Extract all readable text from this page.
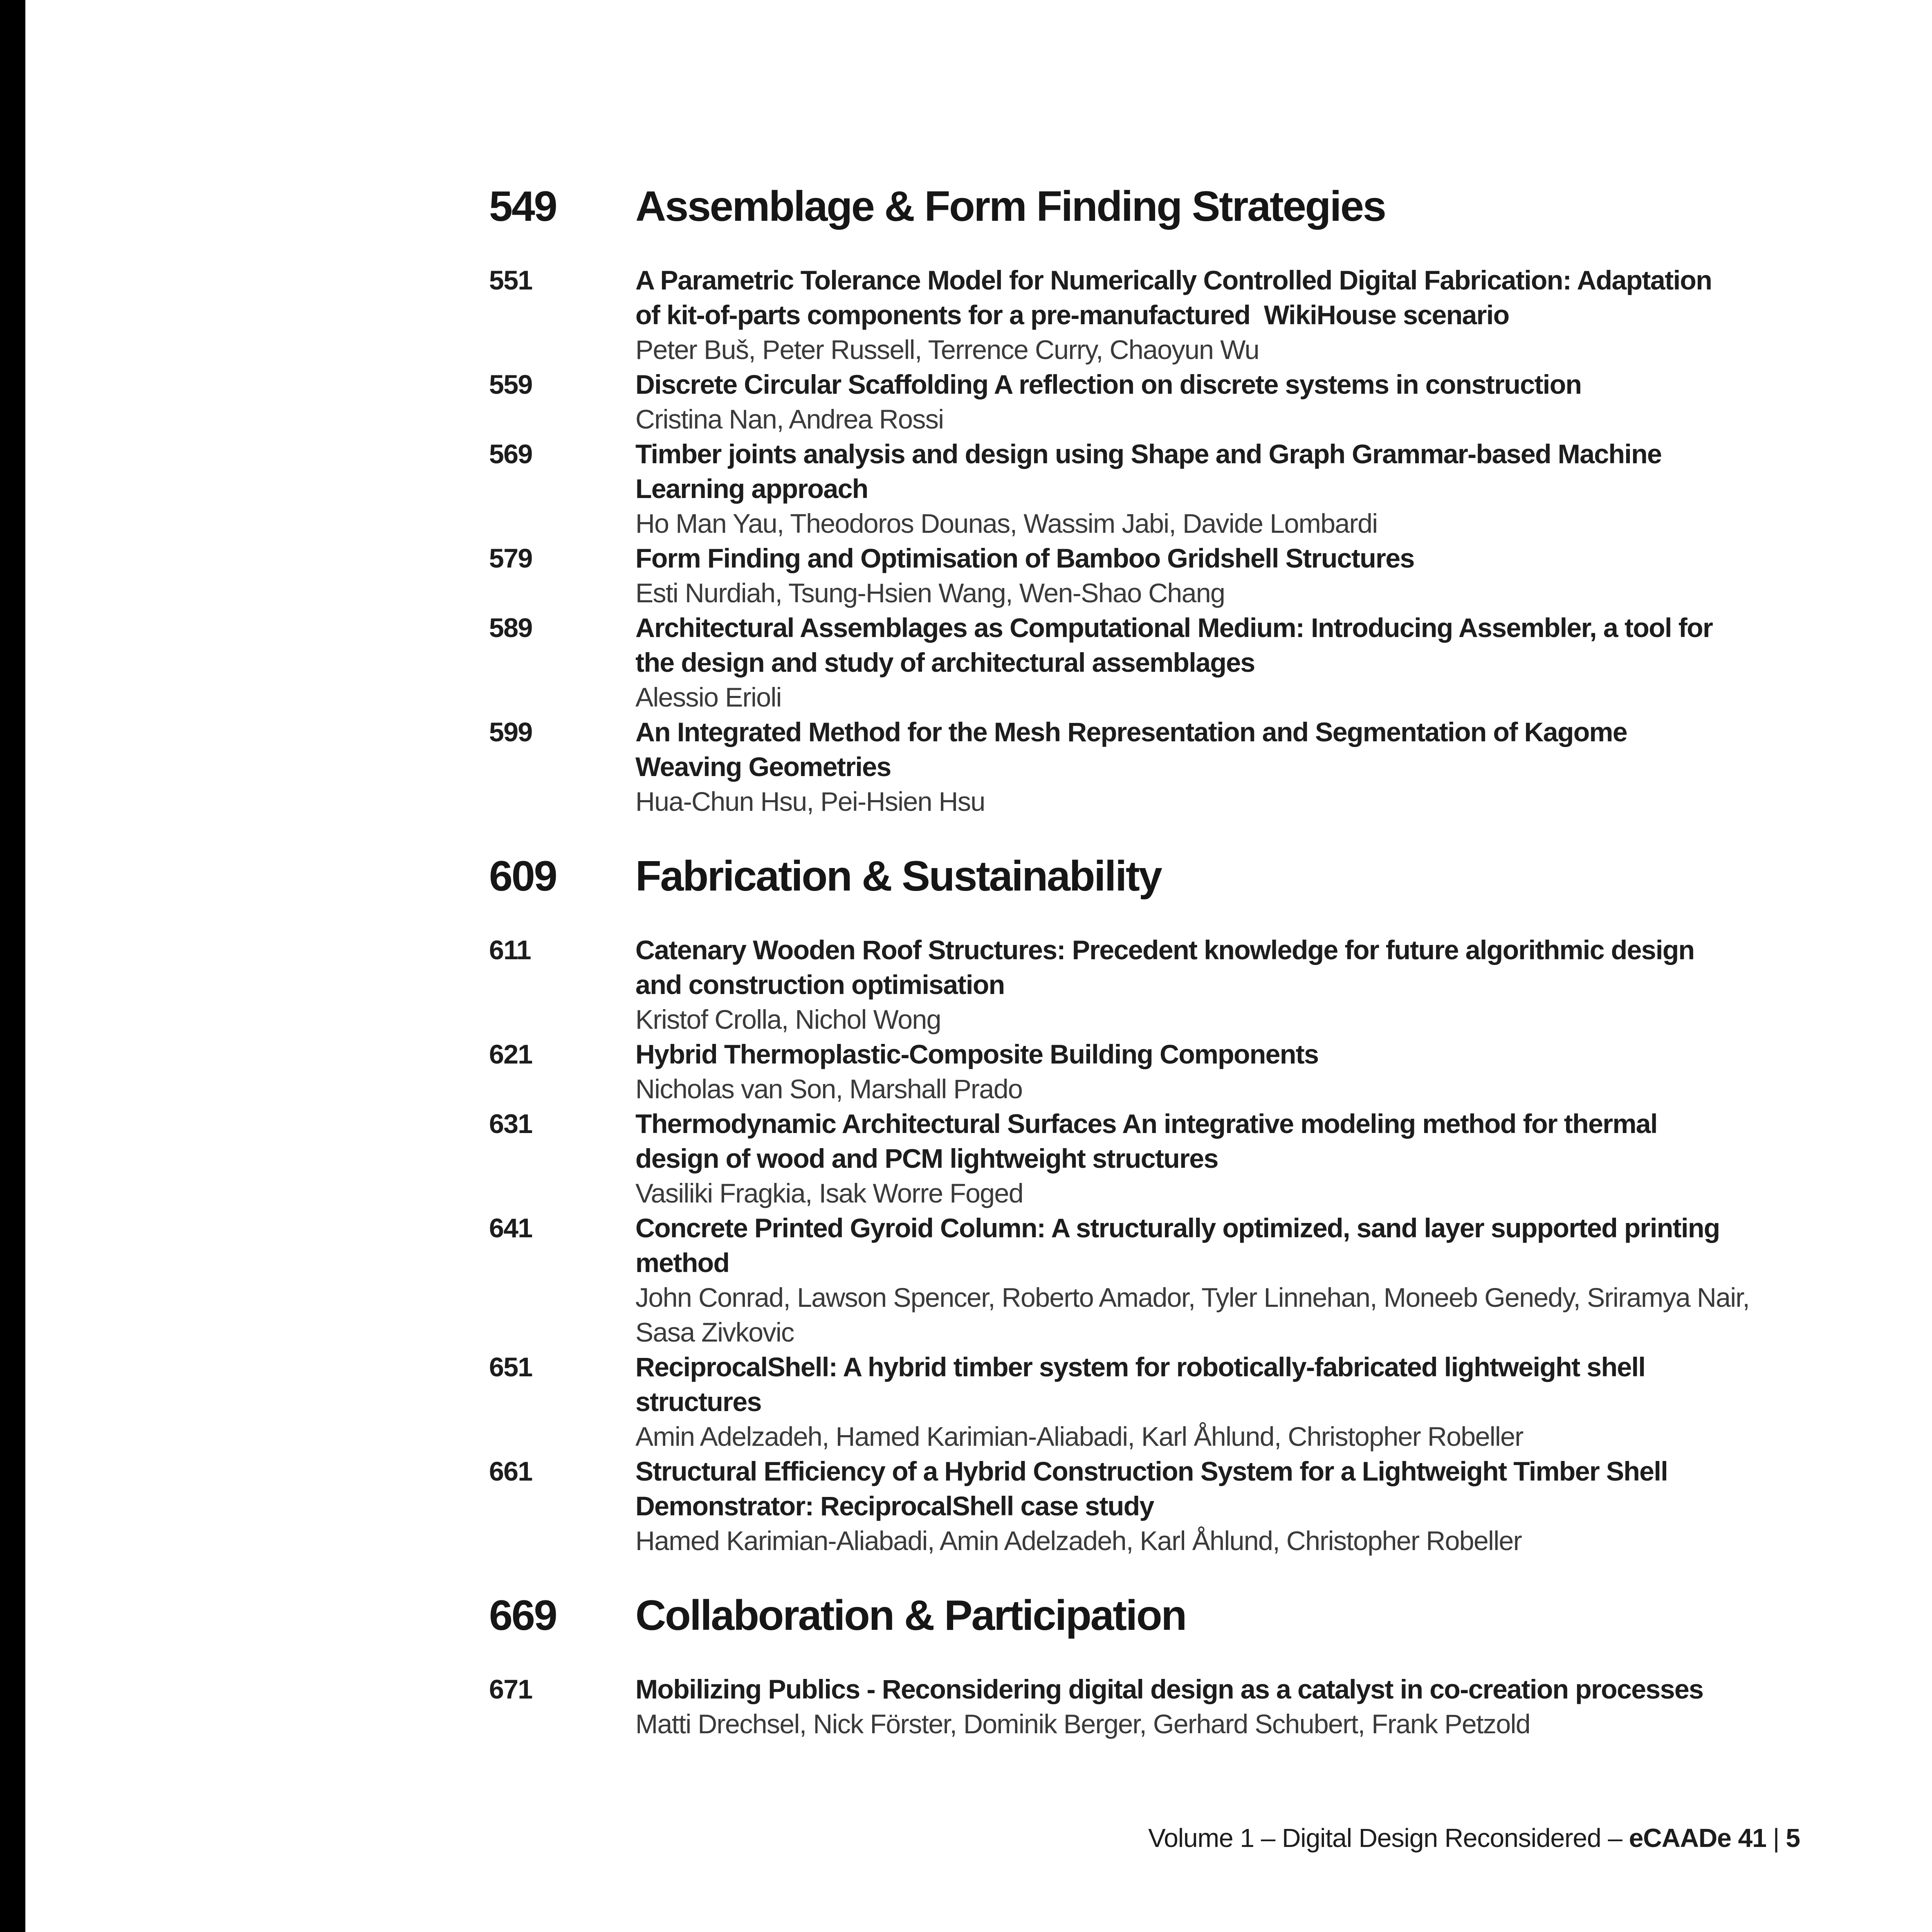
549	Assemblage & Form Finding Strategies
551	A Parametric Tolerance Model for Numerically Controlled Digital Fabrication: Adaptation
of kit-of-parts components for a pre-manufactured  WikiHouse scenario
Peter Buš, Peter Russell, Terrence Curry, Chaoyun Wu
559	Discrete Circular Scaffolding A reflection on discrete systems in construction
Cristina Nan, Andrea Rossi
569	Timber joints analysis and design using Shape and Graph Grammar-based Machine
Learning approach
Ho Man Yau, Theodoros Dounas, Wassim Jabi, Davide Lombardi
579	Form Finding and Optimisation of Bamboo Gridshell Structures
Esti Nurdiah, Tsung-Hsien Wang, Wen-Shao Chang
589	Architectural Assemblages as Computational Medium: Introducing Assembler, a tool for
the design and study of architectural assemblages
Alessio Erioli
599	An Integrated Method for the Mesh Representation and Segmentation of Kagome
Weaving Geometries
Hua-Chun Hsu, Pei-Hsien Hsu
609	Fabrication & Sustainability
611	Catenary Wooden Roof Structures: Precedent knowledge for future algorithmic design
and construction optimisation
Kristof Crolla, Nichol Wong
621	Hybrid Thermoplastic-Composite Building Components
Nicholas van Son, Marshall Prado
631	Thermodynamic Architectural Surfaces An integrative modeling method for thermal
design of wood and PCM lightweight structures
Vasiliki Fragkia, Isak Worre Foged
641	Concrete Printed Gyroid Column: A structurally optimized, sand layer supported printing
method
John Conrad, Lawson Spencer, Roberto Amador, Tyler Linnehan, Moneeb Genedy, Sriramya Nair,
Sasa Zivkovic
651	ReciprocalShell: A hybrid timber system for robotically-fabricated lightweight shell
structures
Amin Adelzadeh, Hamed Karimian-Aliabadi, Karl Åhlund, Christopher Robeller
661	Structural Efficiency of a Hybrid Construction System for a Lightweight Timber Shell
Demonstrator: ReciprocalShell case study
Hamed Karimian-Aliabadi, Amin Adelzadeh, Karl Åhlund, Christopher Robeller
669	Collaboration & Participation
671	Mobilizing Publics - Reconsidering digital design as a catalyst in co-creation processes
Matti Drechsel, Nick Förster, Dominik Berger, Gerhard Schubert, Frank Petzold
Volume 1 – Digital Design Reconsidered – eCAADe 41 | 5
